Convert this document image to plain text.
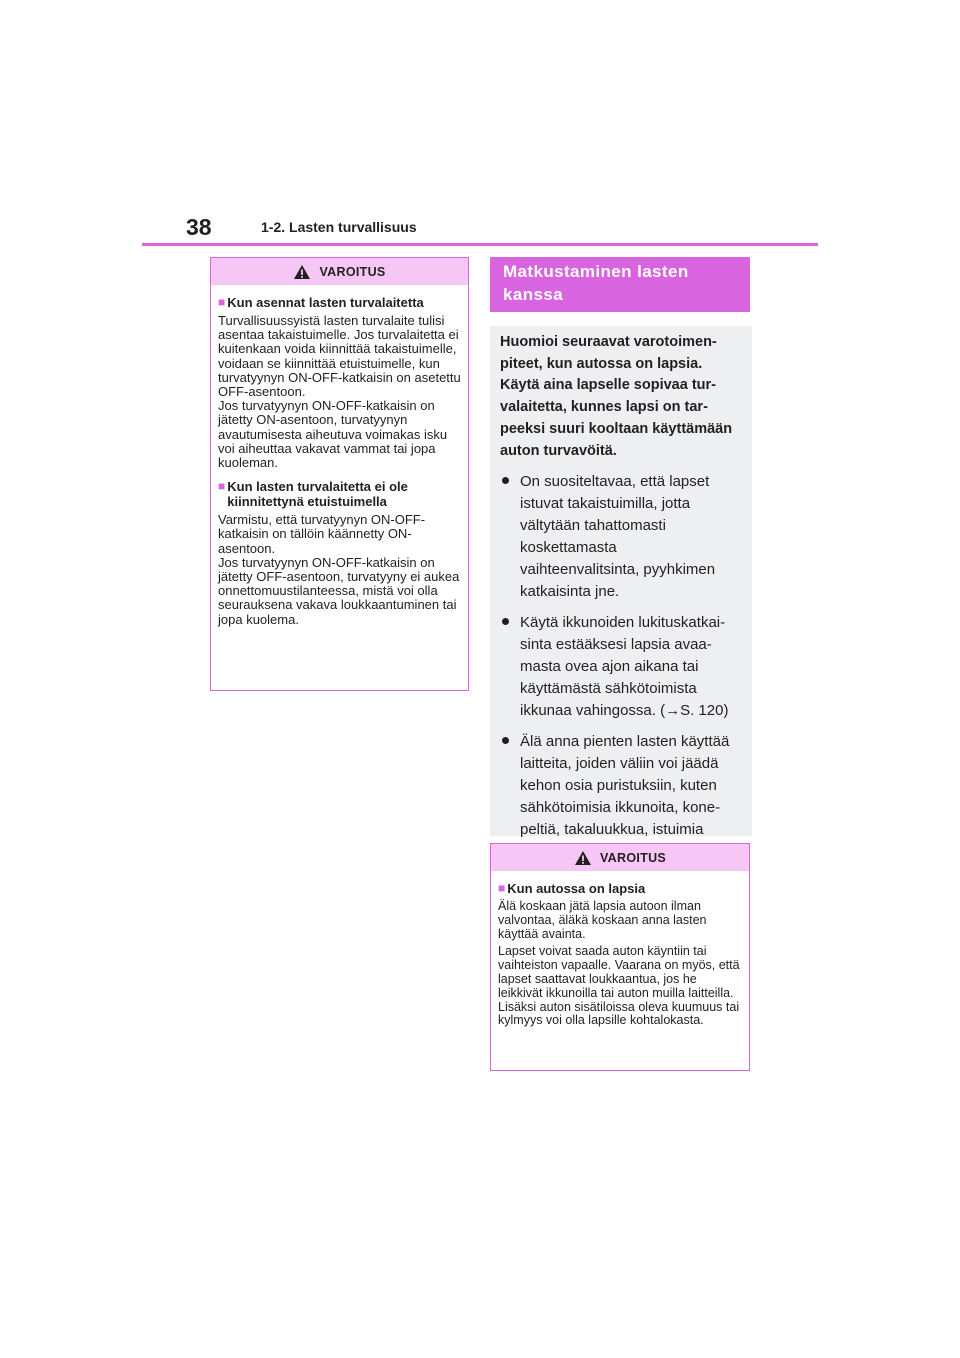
38	1-2. Lasten turvallisuus
VAROITUS
■ Kun asennat lasten turvalaitetta
Turvallisuussyistä lasten turvalaite tulisi asentaa takaistuimelle. Jos turvalaitetta ei kuitenkaan voida kiinnittää takaistuimelle, voidaan se kiinnittää etuistuimelle, kun turvatyynyn ON-OFF-katkaisin on asetettu OFF-asentoon.
Jos turvatyynyn ON-OFF-katkaisin on jätetty ON-asentoon, turvatyynyn avautumisesta aiheutuva voimakas isku voi aiheuttaa vakavat vammat tai jopa kuoleman.
■ Kun lasten turvalaitetta ei ole kiinnitettynä etuistuimella
Varmistu, että turvatyynyn ON-OFF-katkaisin on tällöin käännetty ON-asentoon.
Jos turvatyynyn ON-OFF-katkaisin on jätetty OFF-asentoon, turvatyyny ei aukea onnettomuustilanteessa, mistä voi olla seurauksena vakava loukkaantuminen tai jopa kuolema.
Matkustaminen lasten kanssa
Huomioi seuraavat varotoimenpiteet, kun autossa on lapsia. Käytä aina lapselle sopivaa turvalaitetta, kunnes lapsi on tarpeeksi suuri kooltaan käyttämään auton turvavöitä.
On suositeltavaa, että lapset istuvat takaistuimilla, jotta vältytään tahattomasti koskettamasta vaihteenvalitsinta, pyyhkimen katkaisinta jne.
Käytä ikkunoiden lukituskatkaisinta estääksesi lapsia avaamasta ovea ajon aikana tai käyttämästä sähkötoimista ikkunaa vahingossa. (→S. 120)
Älä anna pienten lasten käyttää laitteita, joiden väliin voi jäädä kehon osia puristuksiin, kuten sähkötoimisia ikkunoita, konepeltiä, takaluukkua, istuimia
VAROITUS
■ Kun autossa on lapsia
Älä koskaan jätä lapsia autoon ilman valvontaa, äläkä koskaan anna lasten käyttää avainta.
Lapset voivat saada auton käyntiin tai vaihteiston vapaalle. Vaarana on myös, että lapset saattavat loukkaantua, jos he leikkivät ikkunoilla tai auton muilla laitteilla. Lisäksi auton sisätiloissa oleva kuumuus tai kylmyys voi olla lapsille kohtalokasta.
